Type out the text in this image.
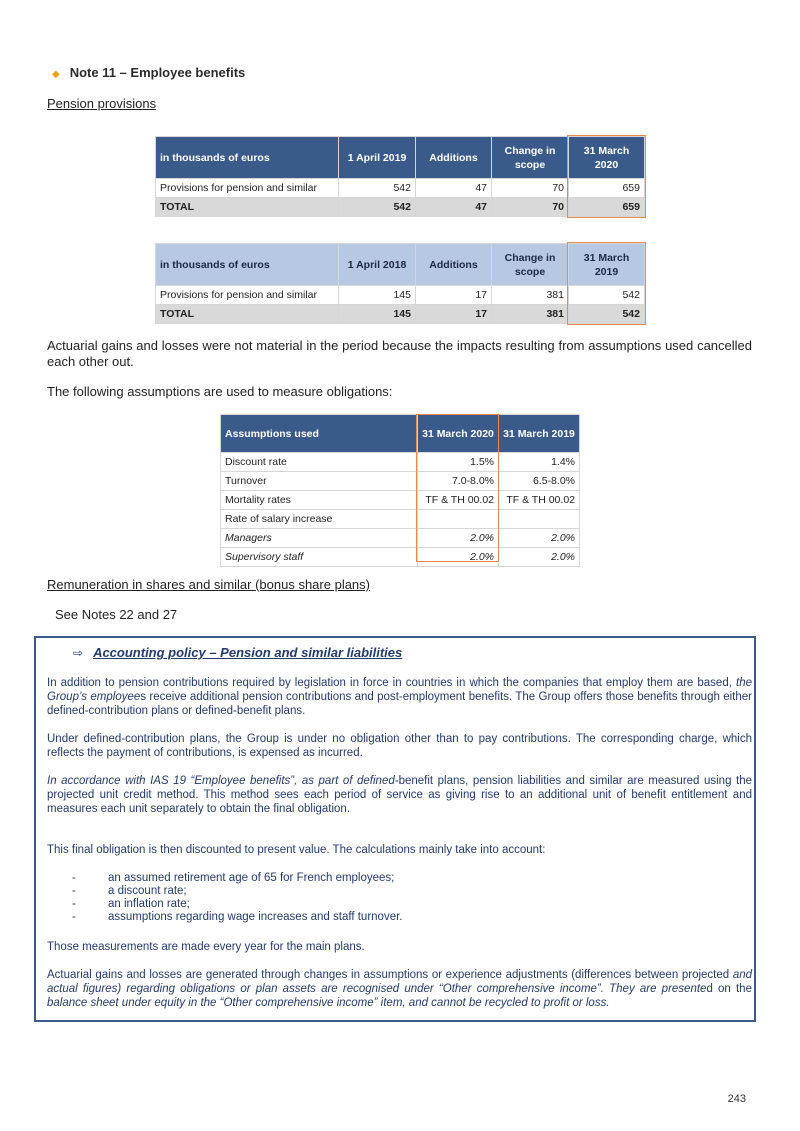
◆ Note 11 – Employee benefits
Pension provisions
in thousands of euros	1 April 2019	Additions	Change in scope	31 March 2020
Provisions for pension and similar	542	47	70	659
TOTAL	542	47	70	659
in thousands of euros	1 April 2018	Additions	Change in scope	31 March 2019
Provisions for pension and similar	145	17	381	542
TOTAL	145	17	381	542
Actuarial gains and losses were not material in the period because the impacts resulting from assumptions used cancelled each other out.
The following assumptions are used to measure obligations:
Assumptions used	31 March 2020	31 March 2019
Discount rate	1.5%	1.4%
Turnover	7.0-8.0%	6.5-8.0%
Mortality rates	TF & TH 00.02	TF & TH 00.02
Rate of salary increase		
Managers	2.0%	2.0%
Supervisory staff	2.0%	2.0%
Remuneration in shares and similar (bonus share plans)
See Notes 22 and 27
⇨ Accounting policy – Pension and similar liabilities
In addition to pension contributions required by legislation in force in countries in which the companies that employ them are based, the Group’s employees receive additional pension contributions and post-employment benefits. The Group offers those benefits through either defined-contribution plans or defined-benefit plans.
Under defined-contribution plans, the Group is under no obligation other than to pay contributions. The corresponding charge, which reflects the payment of contributions, is expensed as incurred.
In accordance with IAS 19 “Employee benefits”, as part of defined-benefit plans, pension liabilities and similar are measured using the projected unit credit method. This method sees each period of service as giving rise to an additional unit of benefit entitlement and measures each unit separately to obtain the final obligation.
This final obligation is then discounted to present value. The calculations mainly take into account:
-	an assumed retirement age of 65 for French employees;
-	a discount rate;
-	an inflation rate;
-	assumptions regarding wage increases and staff turnover.
Those measurements are made every year for the main plans.
Actuarial gains and losses are generated through changes in assumptions or experience adjustments (differences between projected and actual figures) regarding obligations or plan assets are recognised under “Other comprehensive income”. They are presented on the balance sheet under equity in the “Other comprehensive income” item, and cannot be recycled to profit or loss.
243
